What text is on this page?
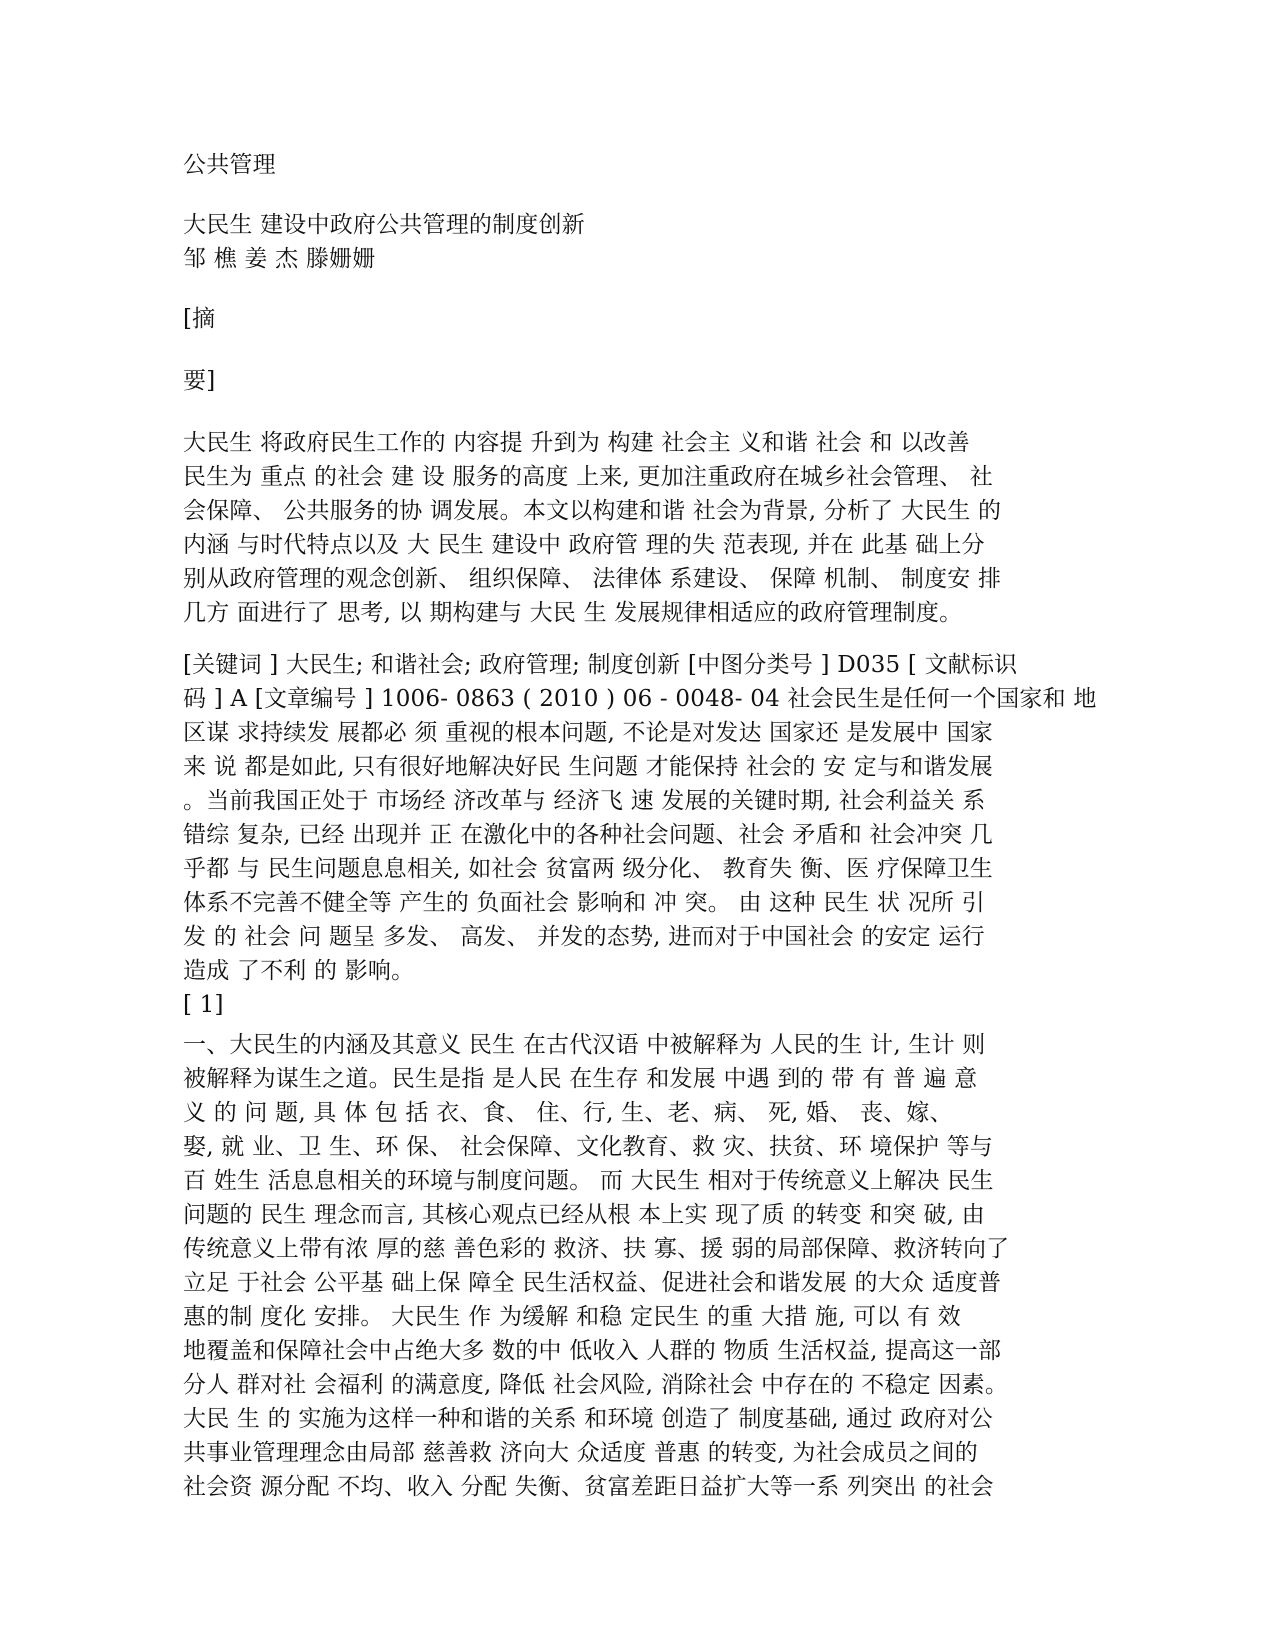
公共管理
大民生 建设中政府公共管理的制度创新
邹 樵 姜 杰 滕姗姗
[摘
要]
大民生 将政府民生工作的 内容提 升到为 构建 社会主 义和谐 社会 和 以改善
民生为 重点 的社会 建 设 服务的高度 上来, 更加注重政府在城乡社会管理、 社
会保障、 公共服务的协 调发展。本文以构建和谐 社会为背景, 分析了 大民生 的
内涵 与时代特点以及 大 民生 建设中 政府管 理的失 范表现, 并在 此基 础上分
别从政府管理的观念创新、 组织保障、 法律体 系建设、 保障 机制、 制度安 排
几方 面进行了 思考, 以 期构建与 大民 生 发展规律相适应的政府管理制度。
[关键词 ] 大民生; 和谐社会; 政府管理; 制度创新 [中图分类号 ] D035 [ 文献标识
码 ] A [文章编号 ] 1006- 0863 ( 2010 ) 06 - 0048- 04 社会民生是任何一个国家和 地
区谋 求持续发 展都必 须 重视的根本问题, 不论是对发达 国家还 是发展中 国家
来 说 都是如此, 只有很好地解决好民 生问题 才能保持 社会的 安 定与和谐发展
。当前我国正处于 市场经 济改革与 经济飞 速 发展的关键时期, 社会利益关 系
错综 复杂, 已经 出现并 正 在激化中的各种社会问题、社会 矛盾和 社会冲突 几
乎都 与 民生问题息息相关, 如社会 贫富两 级分化、 教育失 衡、医 疗保障卫生
体系不完善不健全等 产生的 负面社会 影响和 冲 突。 由 这种 民生 状 况所 引
发 的 社会 问 题呈 多发、 高发、 并发的态势, 进而对于中国社会 的安定 运行
造成 了不利 的 影响。
[ 1]
一、大民生的内涵及其意义 民生 在古代汉语 中被解释为 人民的生 计, 生计 则
被解释为谋生之道。民生是指 是人民 在生存 和发展 中遇 到的 带 有 普 遍 意
义 的 问 题, 具 体 包 括 衣、食、 住、行, 生、老、病、 死, 婚、 丧、嫁、
娶, 就 业、卫 生、环 保、 社会保障、文化教育、救 灾、扶贫、环 境保护 等与
百 姓生 活息息相关的环境与制度问题。 而 大民生 相对于传统意义上解决 民生
问题的 民生 理念而言, 其核心观点已经从根 本上实 现了质 的转变 和突 破, 由
传统意义上带有浓 厚的慈 善色彩的 救济、扶 寡、援 弱的局部保障、救济转向了
立足 于社会 公平基 础上保 障全 民生活权益、促进社会和谐发展 的大众 适度普
惠的制 度化 安排。 大民生 作 为缓解 和稳 定民生 的重 大措 施, 可以 有 效
地覆盖和保障社会中占绝大多 数的中 低收入 人群的 物质 生活权益, 提高这一部
分人 群对社 会福利 的满意度, 降低 社会风险, 消除社会 中存在的 不稳定 因素。
大民 生 的 实施为这样一种和谐的关系 和环境 创造了 制度基础, 通过 政府对公
共事业管理理念由局部 慈善救 济向大 众适度 普惠 的转变, 为社会成员之间的
社会资 源分配 不均、收入 分配 失衡、贫富差距日益扩大等一系 列突出 的社会
